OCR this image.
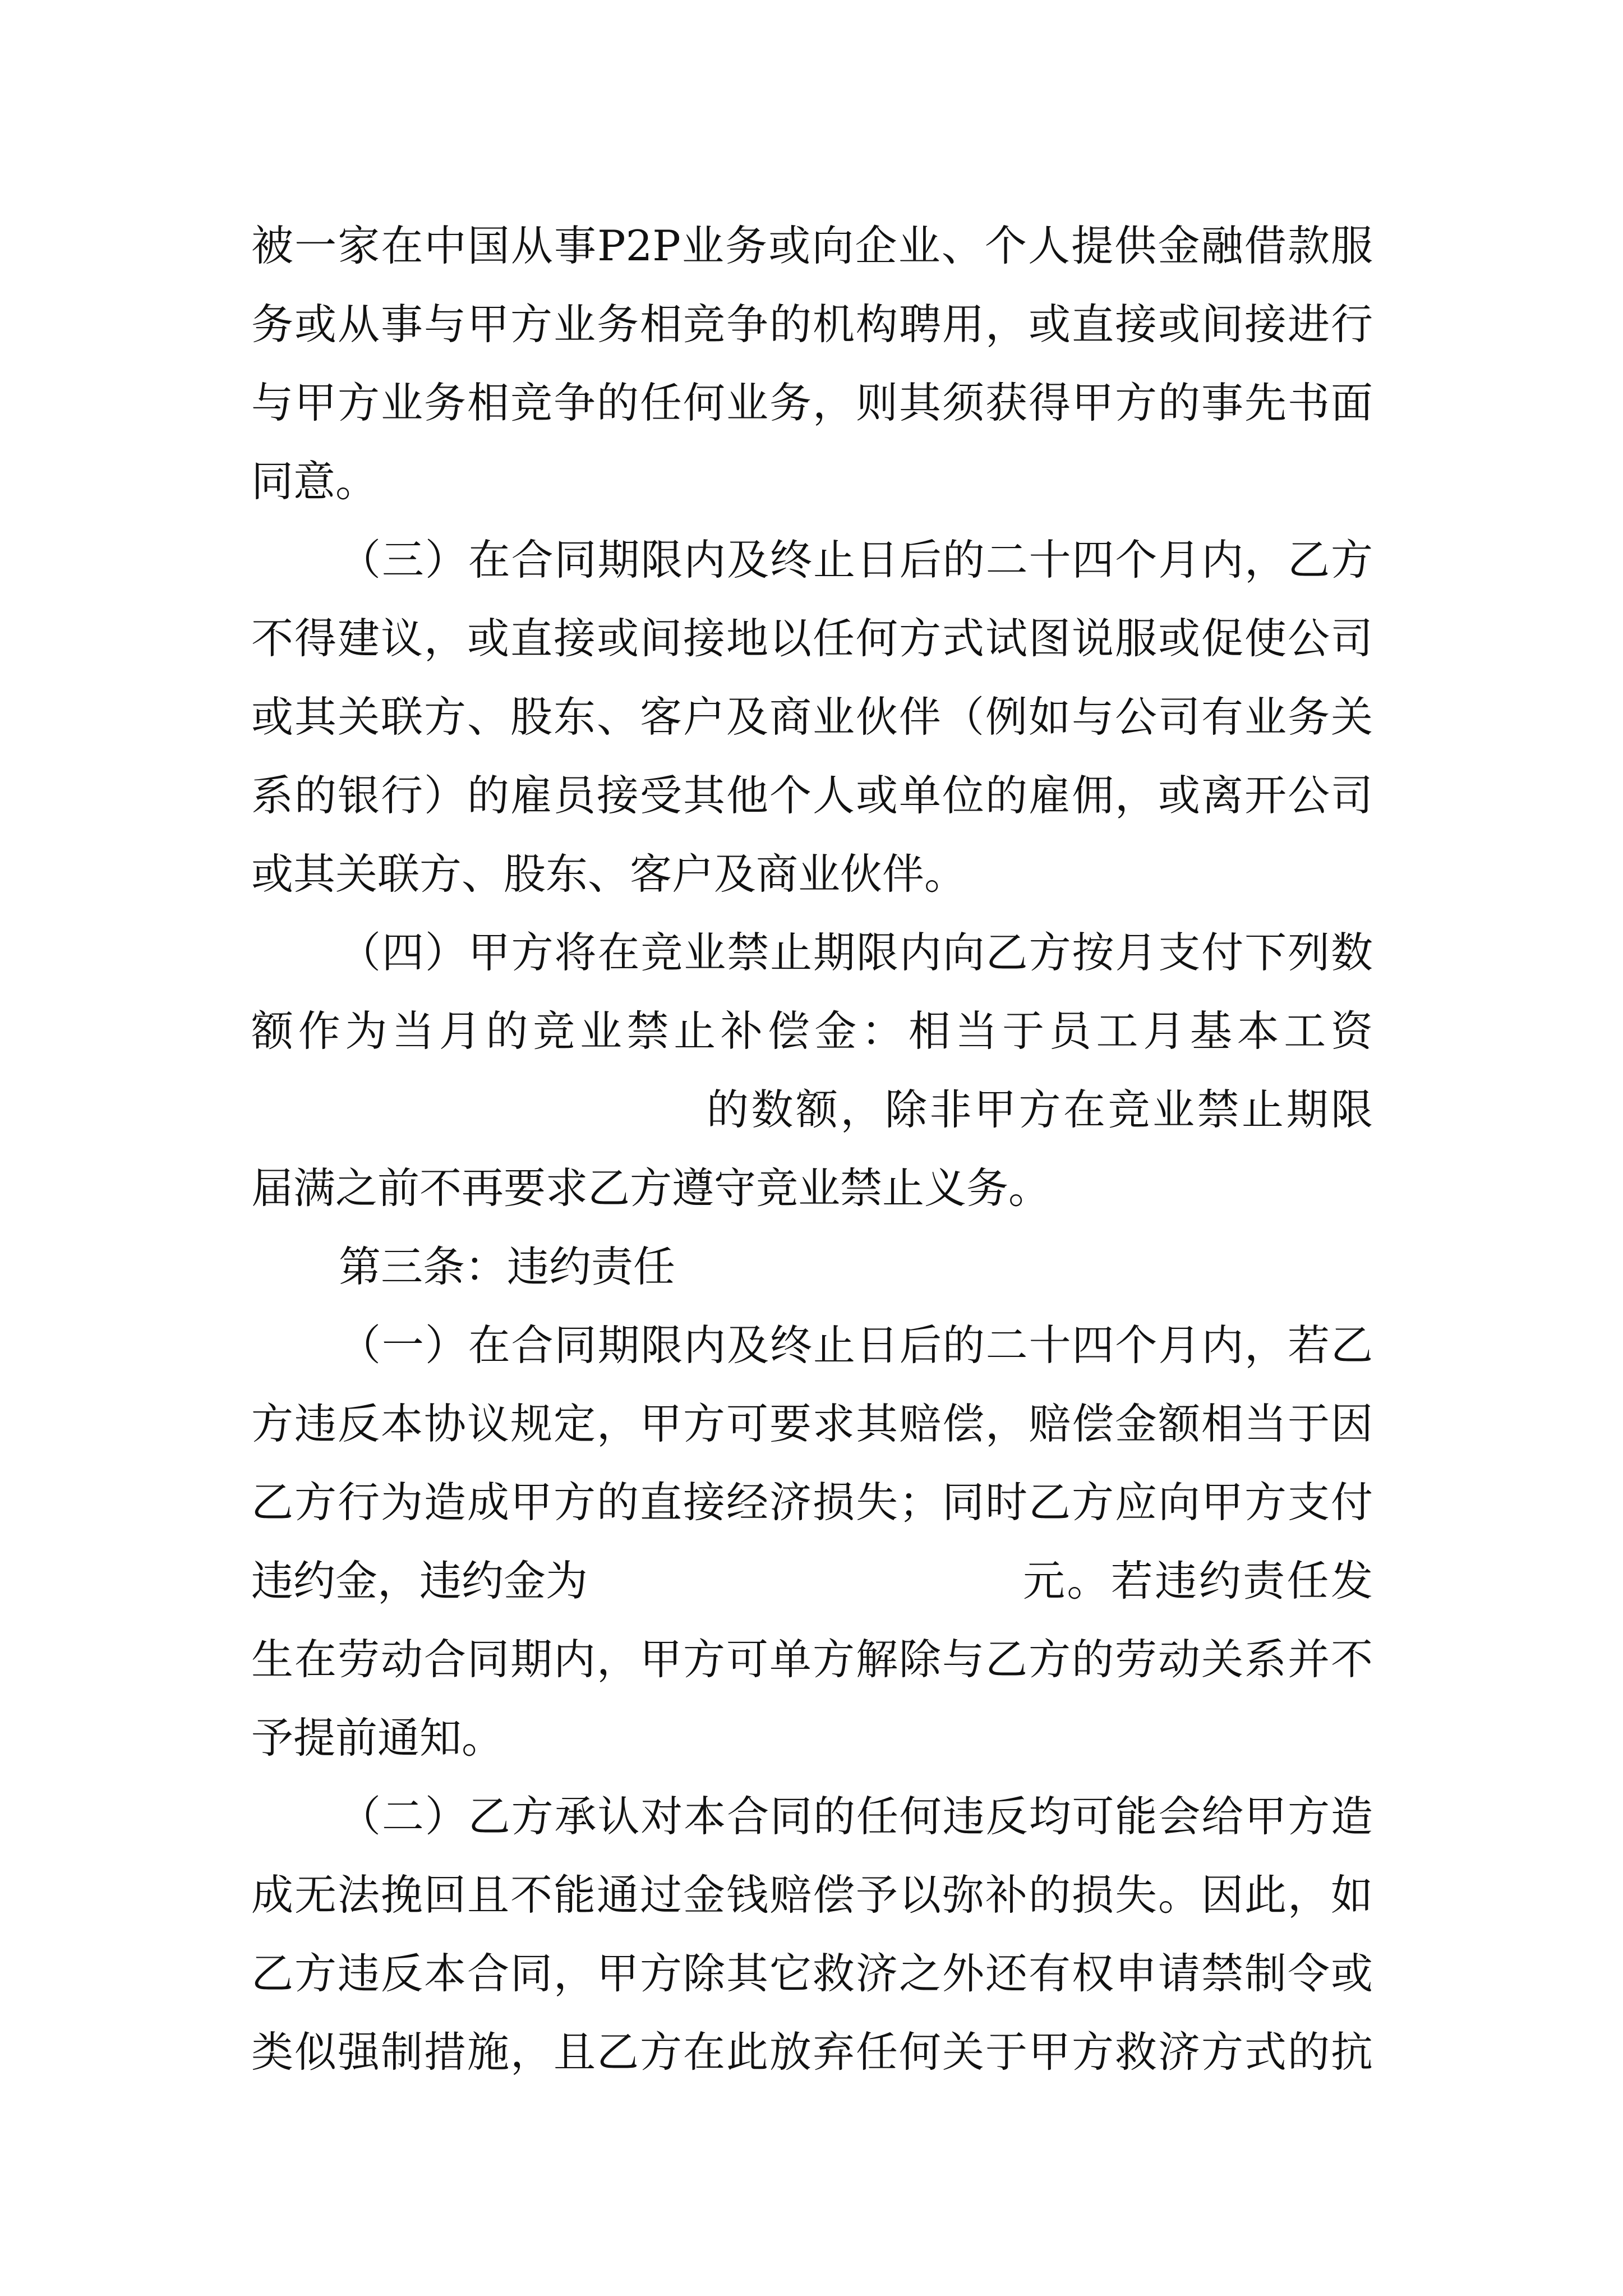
被一家在中国从事P2P业务或向企业、个人提供金融借款服
务或从事与甲方业务相竞争的机构聘用，或直接或间接进行
与甲方业务相竞争的任何业务，则其须获得甲方的事先书面
同意。
（三）在合同期限内及终止日后的二十四个月内，乙方
不得建议，或直接或间接地以任何方式试图说服或促使公司
或其关联方、股东、客户及商业伙伴（例如与公司有业务关
系的银行）的雇员接受其他个人或单位的雇佣，或离开公司
或其关联方、股东、客户及商业伙伴。
（四）甲方将在竞业禁止期限内向乙方按月支付下列数
额作为当月的竞业禁止补偿金：相当于员工月基本工资
的数额，除非甲方在竞业禁止期限
届满之前不再要求乙方遵守竞业禁止义务。
第三条：违约责任
（一）在合同期限内及终止日后的二十四个月内，若乙
方违反本协议规定，甲方可要求其赔偿，赔偿金额相当于因
乙方行为造成甲方的直接经济损失；同时乙方应向甲方支付
违约金，违约金为	元。若违约责任发
生在劳动合同期内，甲方可单方解除与乙方的劳动关系并不
予提前通知。
（二）乙方承认对本合同的任何违反均可能会给甲方造
成无法挽回且不能通过金钱赔偿予以弥补的损失。因此，如
乙方违反本合同，甲方除其它救济之外还有权申请禁制令或
类似强制措施，且乙方在此放弃任何关于甲方救济方式的抗
